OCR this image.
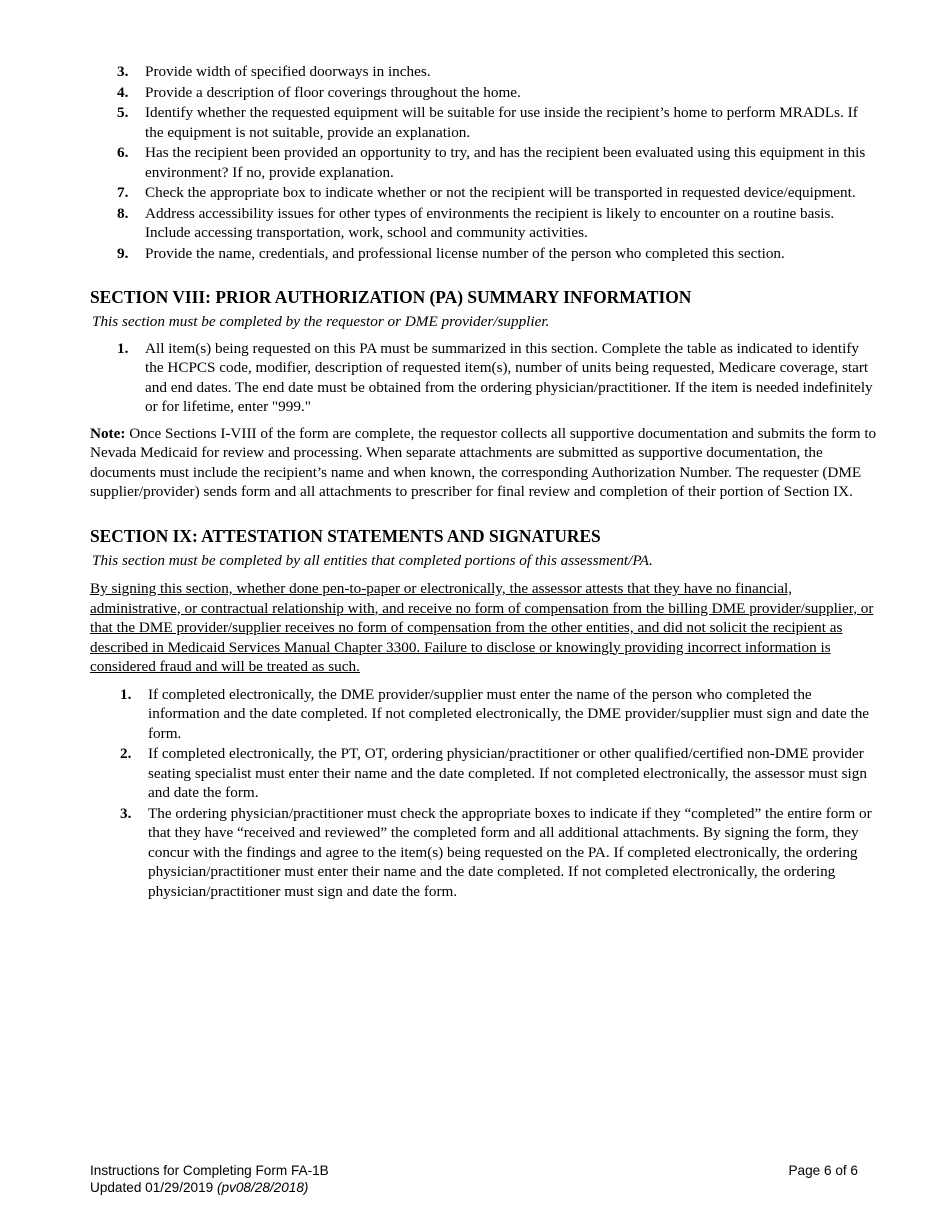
3. Provide width of specified doorways in inches.
4. Provide a description of floor coverings throughout the home.
5. Identify whether the requested equipment will be suitable for use inside the recipient’s home to perform MRADLs. If the equipment is not suitable, provide an explanation.
6. Has the recipient been provided an opportunity to try, and has the recipient been evaluated using this equipment in this environment? If no, provide explanation.
7. Check the appropriate box to indicate whether or not the recipient will be transported in requested device/equipment.
8. Address accessibility issues for other types of environments the recipient is likely to encounter on a routine basis. Include accessing transportation, work, school and community activities.
9. Provide the name, credentials, and professional license number of the person who completed this section.
SECTION VIII: PRIOR AUTHORIZATION (PA) SUMMARY INFORMATION

This section must be completed by the requestor or DME provider/supplier.

1. All item(s) being requested on this PA must be summarized in this section. Complete the table as indicated to identify the HCPCS code, modifier, description of requested item(s), number of units being requested, Medicare coverage, start and end dates. The end date must be obtained from the ordering physician/practitioner. If the item is needed indefinitely or for lifetime, enter "999."

Note: Once Sections I-VIII of the form are complete, the requestor collects all supportive documentation and submits the form to Nevada Medicaid for review and processing. When separate attachments are submitted as supportive documentation, the documents must include the recipient’s name and when known, the corresponding Authorization Number. The requester (DME supplier/provider) sends form and all attachments to prescriber for final review and completion of their portion of Section IX.

SECTION IX: ATTESTATION STATEMENTS AND SIGNATURES

This section must be completed by all entities that completed portions of this assessment/PA.

By signing this section, whether done pen-to-paper or electronically, the assessor attests that they have no financial, administrative, or contractual relationship with, and receive no form of compensation from the billing DME provider/supplier, or that the DME provider/supplier receives no form of compensation from the other entities, and did not solicit the recipient as described in Medicaid Services Manual Chapter 3300. Failure to disclose or knowingly providing incorrect information is considered fraud and will be treated as such.

1. If completed electronically, the DME provider/supplier must enter the name of the person who completed the information and the date completed. If not completed electronically, the DME provider/supplier must sign and date the form.
2. If completed electronically, the PT, OT, ordering physician/practitioner or other qualified/certified non-DME provider seating specialist must enter their name and the date completed. If not completed electronically, the assessor must sign and date the form.
3. The ordering physician/practitioner must check the appropriate boxes to indicate if they “completed” the entire form or that they have “received and reviewed” the completed form and all additional attachments. By signing the form, they concur with the findings and agree to the item(s) being requested on the PA. If completed electronically, the ordering physician/practitioner must enter their name and the date completed. If not completed electronically, the ordering physician/practitioner must sign and date the form.
Instructions for Completing Form FA-1B
Updated 01/29/2019 (pv08/28/2018)
Page 6 of 6
